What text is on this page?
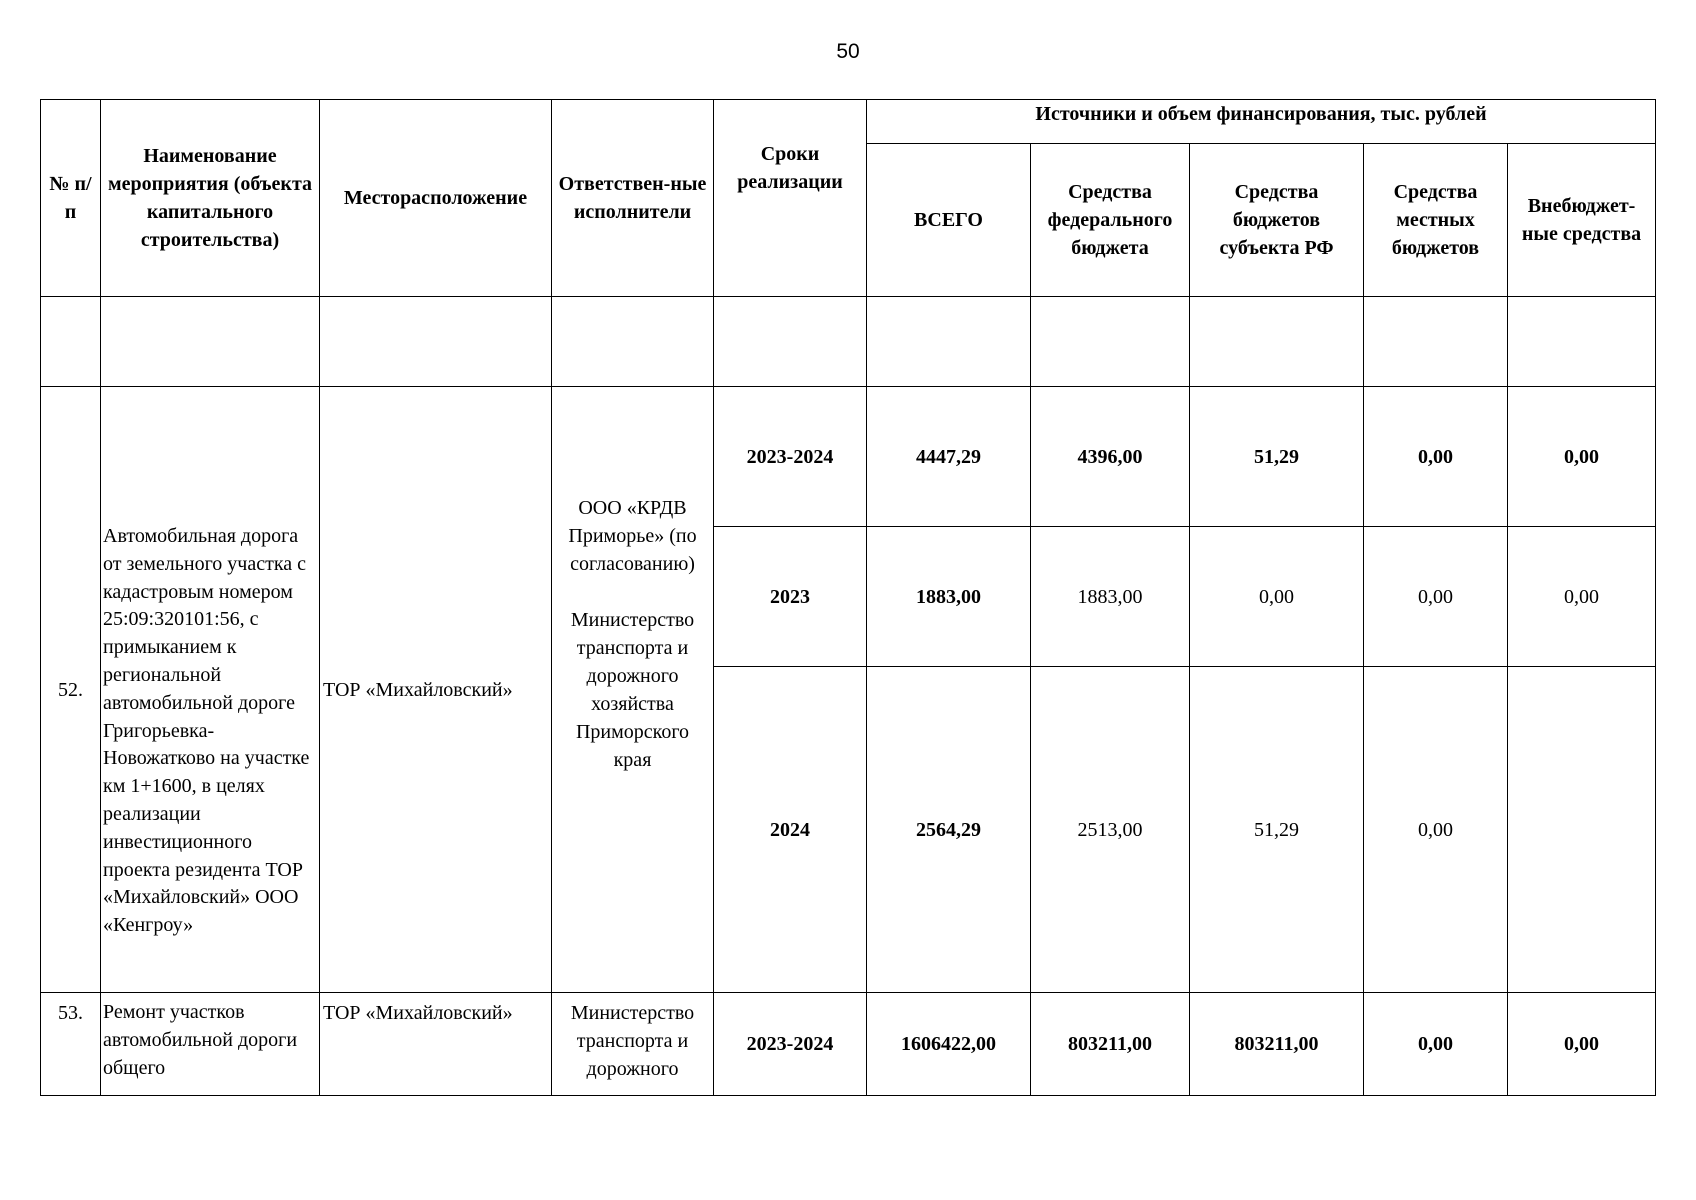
50
№ п/п	Наименование мероприятия (объекта капитального строительства)	Месторасположение	Ответствен-ные исполнители	Сроки реализации	Источники и объем финансирования, тыс. рублей				
					ВСЕГО	Средства федерального бюджета	Средства бюджетов субъекта РФ	Средства местных бюджетов	Внебюджет-ные средства

52.	Автомобильная дорога от земельного участка с кадастровым номером 25:09:320101:56, с примыканием к региональной автомобильной дороге Григорьевка-Новожатково на участке км 1+1600, в целях реализации инвестиционного проекта резидента ТОР «Михайловский» ООО «Кенгроу»	ТОР «Михайловский»	ООО «КРДВ Приморье» (по согласованию)
Министерство транспорта и дорожного хозяйства Приморского края	2023-2024	4447,29	4396,00	51,29	0,00	0,00
				2023	1883,00	1883,00	0,00	0,00	0,00
				2024	2564,29	2513,00	51,29	0,00	
53.	Ремонт участков автомобильной дороги общего	ТОР «Михайловский»	Министерство транспорта и дорожного	2023-2024	1606422,00	803211,00	803211,00	0,00	0,00
